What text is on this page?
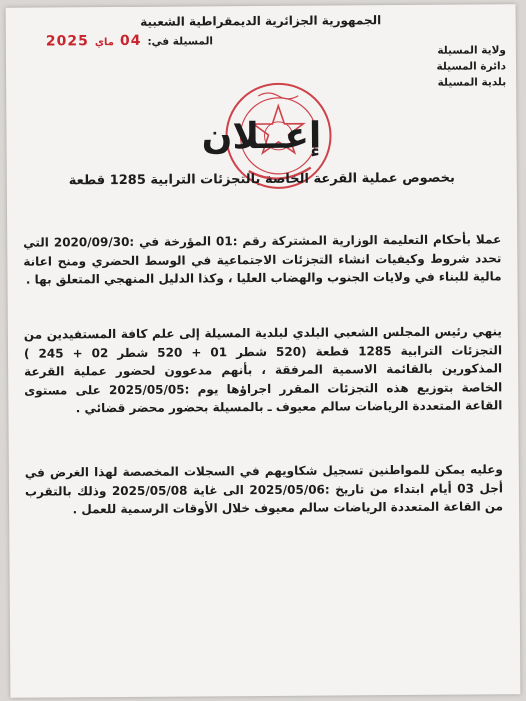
الجمهورية الجزائرية الديمقراطية الشعبية
ولاية المسيلة
دائرة المسيلة
بلدية المسيلة
2025 ماي 04 المسيلة في:
إعــلان
بخصوص عملية القرعة الخاصة بالتجزئات الترابية 1285 قطعة
عملا بأحكام التعليمة الوزارية المشتركة رقم :01 المؤرخة في :2020/09/30 التي تحدد شروط وكيفيات انشاء التجزئات الاجتماعية في الوسط الحضري ومنح اعانة مالية للبناء في ولايات الجنوب والهضاب العليا ، وكذا الدليل المنهجي المتعلق بها .
ينهي رئيس المجلس الشعبي البلدي لبلدية المسيلة إلى علم كافة المستفيدين من التجزئات الترابية 1285 قطعة (520 شطر 01 + 520 شطر 02 + 245 ) المذكورين بالقائمة الاسمية المرفقة ، بأنهم مدعوون لحضور عملية القرعة الخاصة بتوزيع هذه التجزئات المقرر اجراؤها يوم :2025/05/05 على مستوى القاعة المتعددة الرياضات سالم معيوف ـ بالمسيلة بحضور محضر قضائي .
وعليه يمكن للمواطنين تسجيل شكاويهم في السجلات المخصصة لهذا الغرض في أجل 03 أيام ابتداء من تاريخ :2025/05/06 الى غاية 2025/05/08 وذلك بالتقرب من القاعة المتعددة الرياضات سالم معيوف خلال الأوقات الرسمية للعمل .
